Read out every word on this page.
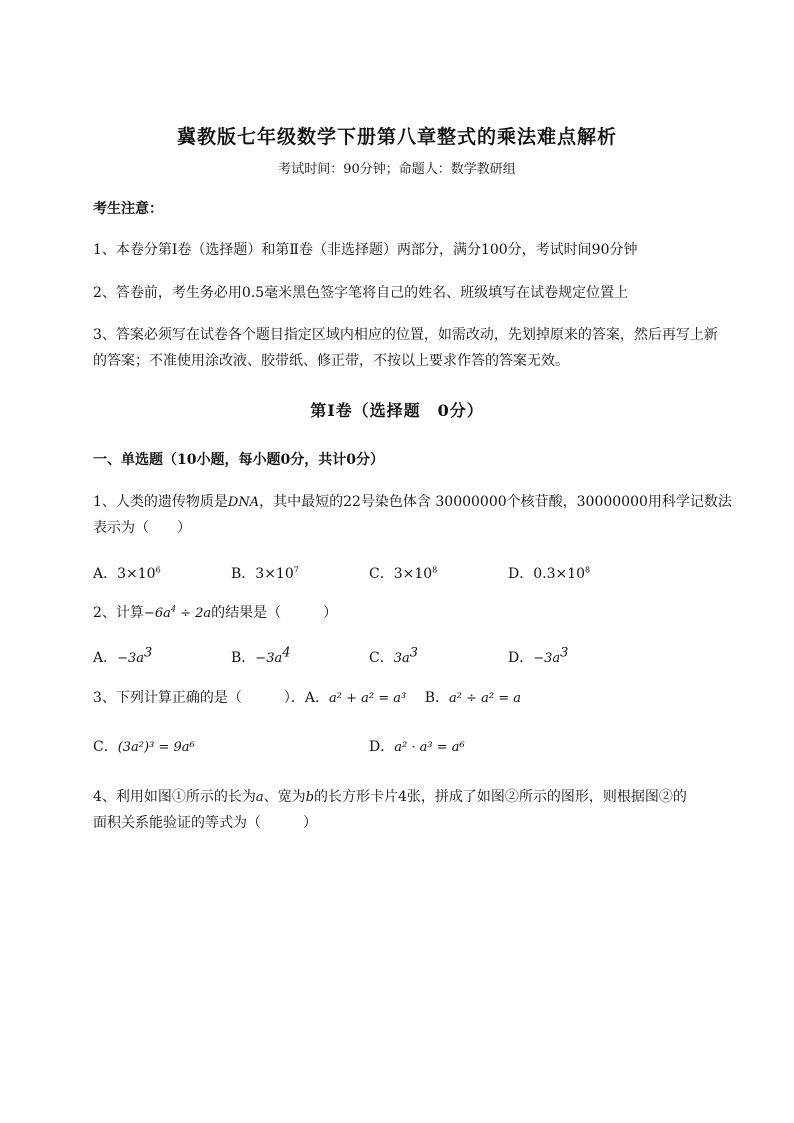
冀教版七年级数学下册第八章整式的乘法难点解析
考试时间：90分钟；命题人：数学教研组
考生注意：
1、本卷分第I卷（选择题）和第Ⅱ卷（非选择题）两部分，满分100分，考试时间90分钟
2、答卷前，考生务必用0.5毫米黑色签字笔将自己的姓名、班级填写在试卷规定位置上
3、答案必须写在试卷各个题目指定区域内相应的位置，如需改动，先划掉原来的答案，然后再写上新
的答案；不准使用涂改液、胶带纸、修正带，不按以上要求作答的答案无效。
第I卷（选择题　0分）
一、单选题（10小题，每小题0分，共计0分）
1、人类的遗传物质是DNA，其中最短的22号染色体含 30000000个核苷酸，30000000用科学记数法
表示为（　　）
A．$3\times 10^6$	B．$3\times 10^7$	C．$3\times 10^8$	D．$0.3\times 10^8$
2、计算$-6a^4 \div 2a$的结果是（　　　）
A．$-3a^3$	B．$-3a^4$	C．$3a^3$	D．$-3a^3$
3、下列计算正确的是（　　　）．A．a² + a² = a³ B．a² ÷ a² = a
C．(3a²)³ = 9a⁶	D．a² · a³ = a⁶
4、利用如图①所示的长为a、宽为b的长方形卡片4张，拼成了如图②所示的图形，则根据图②的
面积关系能验证的等式为（　　　）
